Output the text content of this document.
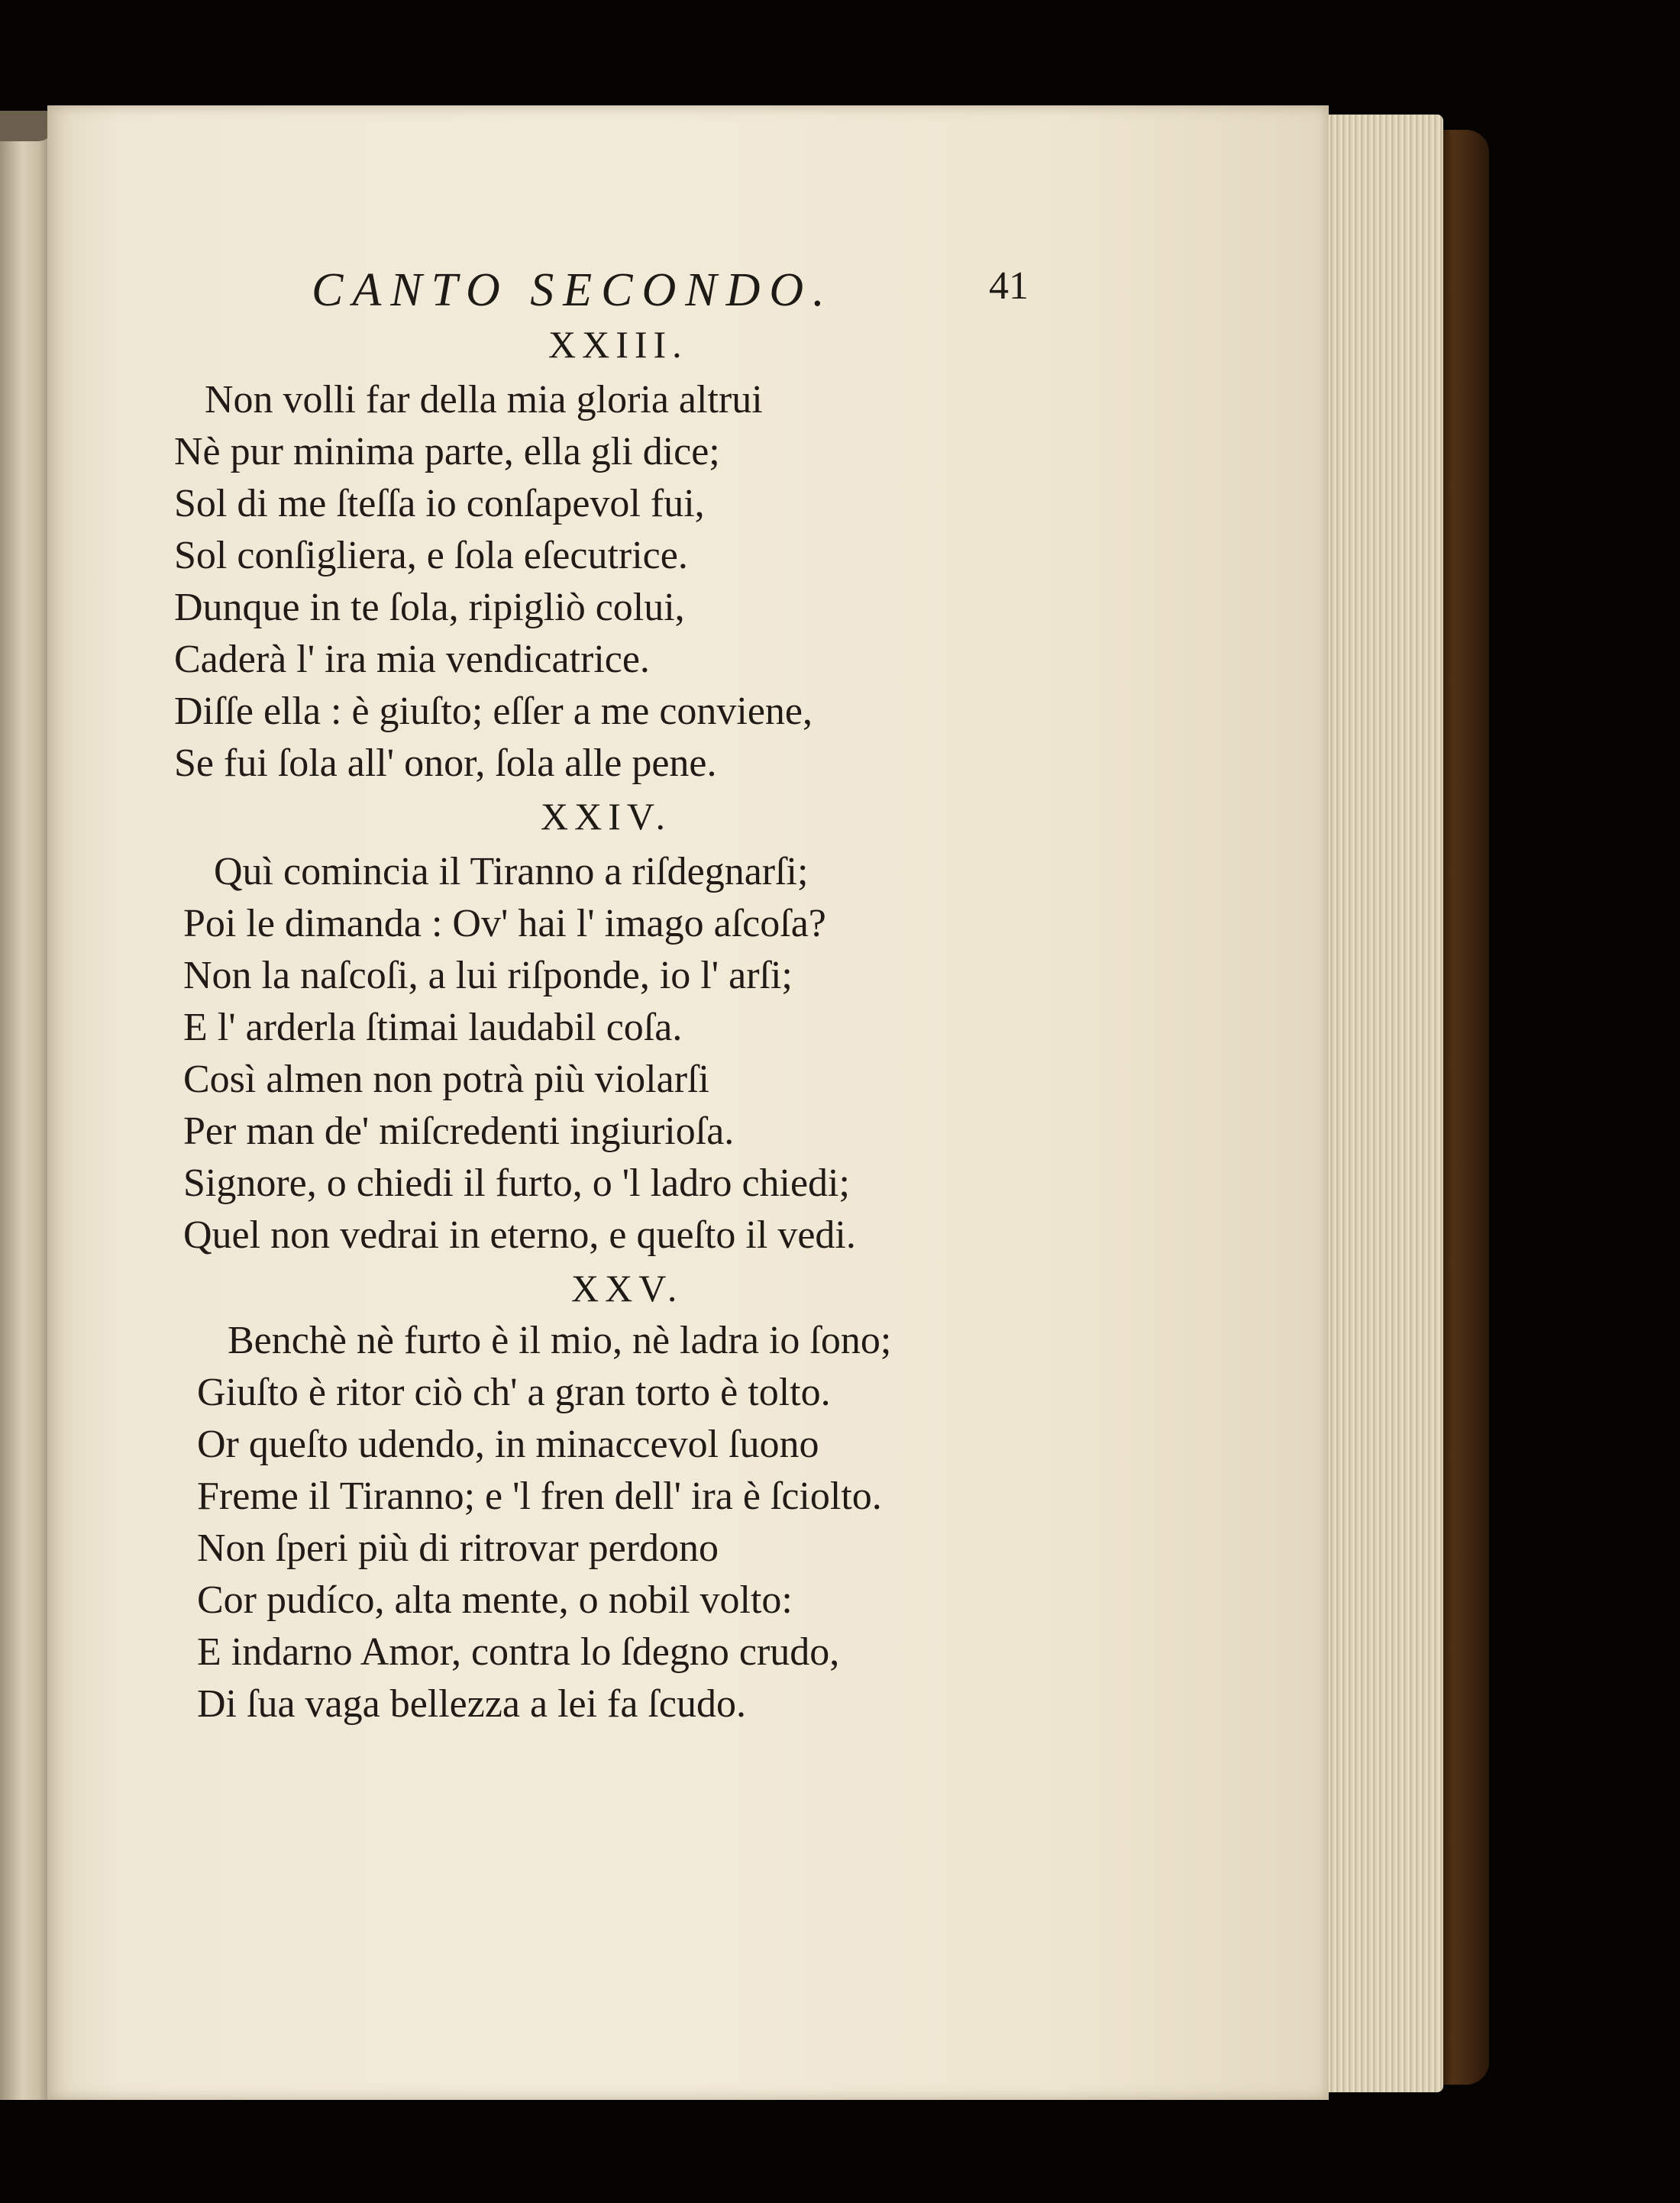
CANTO SECONDO.	41
XXIII.
Non volli far della mia gloria altrui
Nè pur minima parte, ella gli dice;
Sol di me ſteſſa io conſapevol fui,
Sol conſigliera, e ſola eſecutrice.
Dunque in te ſola, ripigliò colui,
Caderà l' ira mia vendicatrice.
Diſſe ella : è giuſto; eſſer a me conviene,
Se fui ſola all' onor, ſola alle pene.
XXIV.
Quì comincia il Tiranno a riſdegnarſi;
Poi le dimanda : Ov' hai l' imago aſcoſa?
Non la naſcoſi, a lui riſponde, io l' arſi;
E l' arderla ſtimai laudabil coſa.
Così almen non potrà più violarſi
Per man de' miſcredenti ingiurioſa.
Signore, o chiedi il furto, o 'l ladro chiedi;
Quel non vedrai in eterno, e queſto il vedi.
XXV.
Benchè nè furto è il mio, nè ladra io ſono;
Giuſto è ritor ciò ch' a gran torto è tolto.
Or queſto udendo, in minaccevol ſuono
Freme il Tiranno; e 'l fren dell' ira è ſciolto.
Non ſperi più di ritrovar perdono
Cor pudíco, alta mente, o nobil volto:
E indarno Amor, contra lo ſdegno crudo,
Di ſua vaga bellezza a lei fa ſcudo.
